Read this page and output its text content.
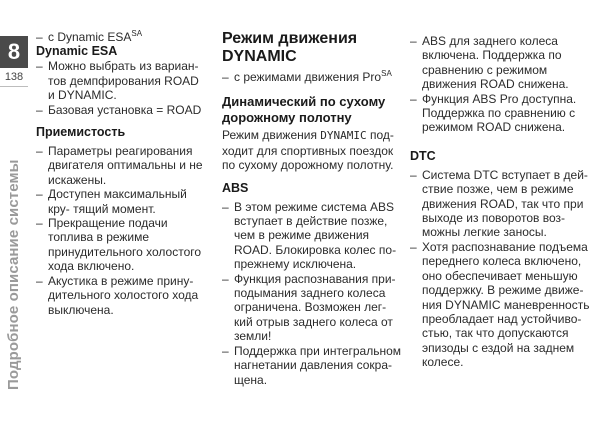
8
138
Подробное описание системы
– с Dynamic $ESA^{SA}$
Dynamic ESA
– Можно выбрать из вариан- тов демпфирования ROAD и DYNAMIC.
– Базовая установка = ROAD
Приемистость
– Параметры реагирования двигателя оптимальны и не искажены.
– Доступен максимальный кру- тящий момент.
– Прекращение подачи топлива в режиме принудительного холостого хода включено.
– Акустика в режиме прину- дительного холостого хода выключена.
Режим движения
DYNAMIC
– с режимами движения Pro$^{SA}$
Динамический по сухому
дорожному полотну

Режим движения DYNAMIC под- ходит для спортивных поездок по сухому дорожному полотну.

ABS
– В этом режиме система ABS вступает в действие позже, чем в режиме движения ROAD. Блокировка колес по- прежнему исключена.
– Функция распознавания при- подымания заднего колеса ограничена. Возможен лег- кий отрыв заднего колеса от земли!
– Поддержка при интегральном нагнетании давления сокра- щена.
– ABS для заднего колеса включена. Поддержка по сравнению с режимом движения ROAD снижена.
– Функция ABS Pro доступна. Поддержка по сравнению с режимом ROAD снижена.
DTC
– Система DTC вступает в дей- ствие позже, чем в режиме движения ROAD, так что при выходе из поворотов воз- можны легкие заносы.
– Хотя распознавание подъема переднего колеса включено, оно обеспечивает меньшую поддержку. В режиме движе- ния DYNAMIC маневренность преобладает над устойчиво- стью, так что допускаются эпизоды с ездой на заднем колесе.
